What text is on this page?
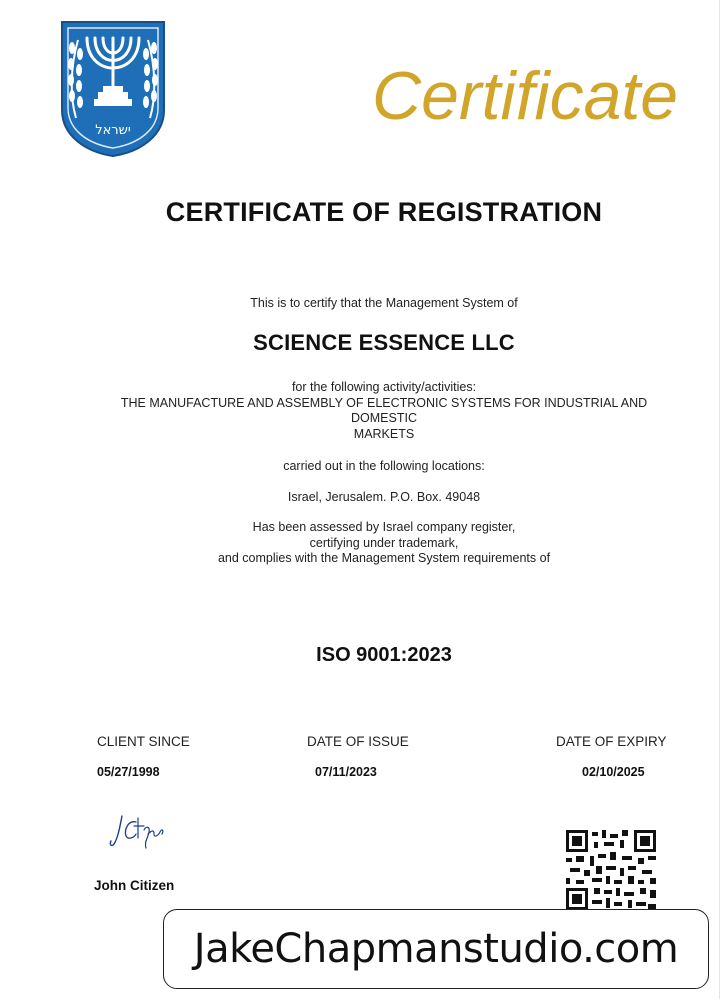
ישראל	Certificate
CERTIFICATE OF REGISTRATION
This is to certify that the Management System of
SCIENCE ESSENCE LLC
for the following activity/activities:
THE MANUFACTURE AND ASSEMBLY OF ELECTRONIC SYSTEMS FOR INDUSTRIAL AND
DOMESTIC
MARKETS
carried out in the following locations:
Israel, Jerusalem. P.O. Box. 49048
Has been assessed by Israel company register,
certifying under trademark,
and complies with the Management System requirements of
ISO 9001:2023
CLIENT SINCE
05/27/1998
DATE OF ISSUE
07/11/2023
DATE OF EXPIRY
02/10/2025
John Citizen
JakeChapmanstudio.com
